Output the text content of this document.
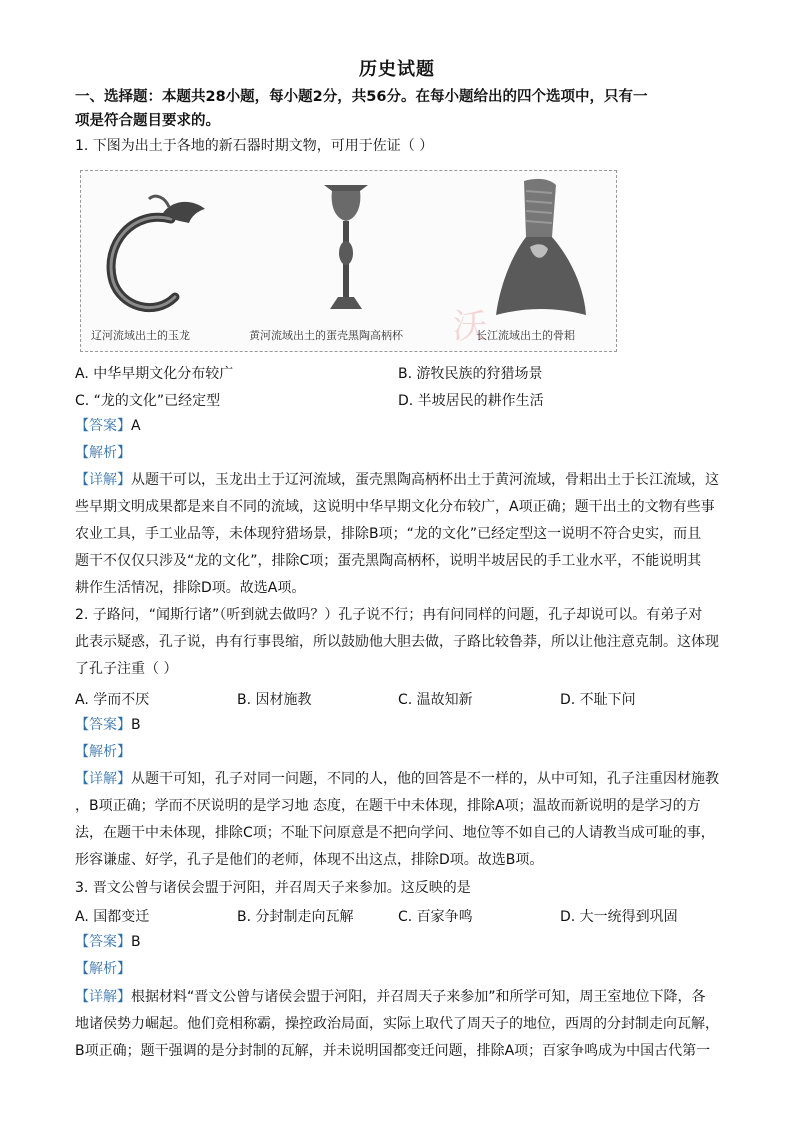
历史试题
一、选择题：本题共28小题，每小题2分，共56分。在每小题给出的四个选项中，只有一
项是符合题目要求的。
1. 下图为出土于各地的新石器时期文物，可用于佐证（ ）
沃
辽河流域出土的玉龙	黄河流域出土的蛋壳黑陶高柄杯	长江流域出土的骨耜
A. 中华早期文化分布较广	B. 游牧民族的狩猎场景
C. “龙的文化”已经定型	D. 半坡居民的耕作生活
【答案】A
【解析】
【详解】从题干可以，玉龙出土于辽河流域，蛋壳黑陶高柄杯出土于黄河流域，骨耜出土于长江流域，这
些早期文明成果都是来自不同的流域，这说明中华早期文化分布较广，A项正确；题干出土的文物有些事
农业工具，手工业品等，未体现狩猎场景，排除B项；“龙的文化”已经定型这一说明不符合史实，而且
题干不仅仅只涉及“龙的文化”，排除C项；蛋壳黑陶高柄杯，说明半坡居民的手工业水平，不能说明其
耕作生活情况，排除D项。故选A项。
2. 子路问，“闻斯行诸”（听到就去做吗？）孔子说不行；冉有问同样的问题，孔子却说可以。有弟子对
此表示疑惑，孔子说，冉有行事畏缩，所以鼓励他大胆去做，子路比较鲁莽，所以让他注意克制。这体现
了孔子注重（ ）
A. 学而不厌	B. 因材施教	C. 温故知新	D. 不耻下问
【答案】B
【解析】
【详解】从题干可知，孔子对同一问题，不同的人，他的回答是不一样的，从中可知，孔子注重因材施教
，B项正确；学而不厌说明的是学习地 态度，在题干中未体现，排除A项；温故而新说明的是学习的方
法，在题干中未体现，排除C项；不耻下问原意是不把向学问、地位等不如自己的人请教当成可耻的事，
形容谦虚、好学，孔子是他们的老师，体现不出这点，排除D项。故选B项。
3. 晋文公曾与诸侯会盟于河阳，并召周天子来参加。这反映的是
A. 国都变迁	B. 分封制走向瓦解	C. 百家争鸣	D. 大一统得到巩固
【答案】B
【解析】
【详解】根据材料“晋文公曾与诸侯会盟于河阳，并召周天子来参加”和所学可知，周王室地位下降，各
地诸侯势力崛起。他们竞相称霸，操控政治局面，实际上取代了周天子的地位，西周的分封制走向瓦解，
B项正确；题干强调的是分封制的瓦解，并未说明国都变迁问题，排除A项；百家争鸣成为中国古代第一
